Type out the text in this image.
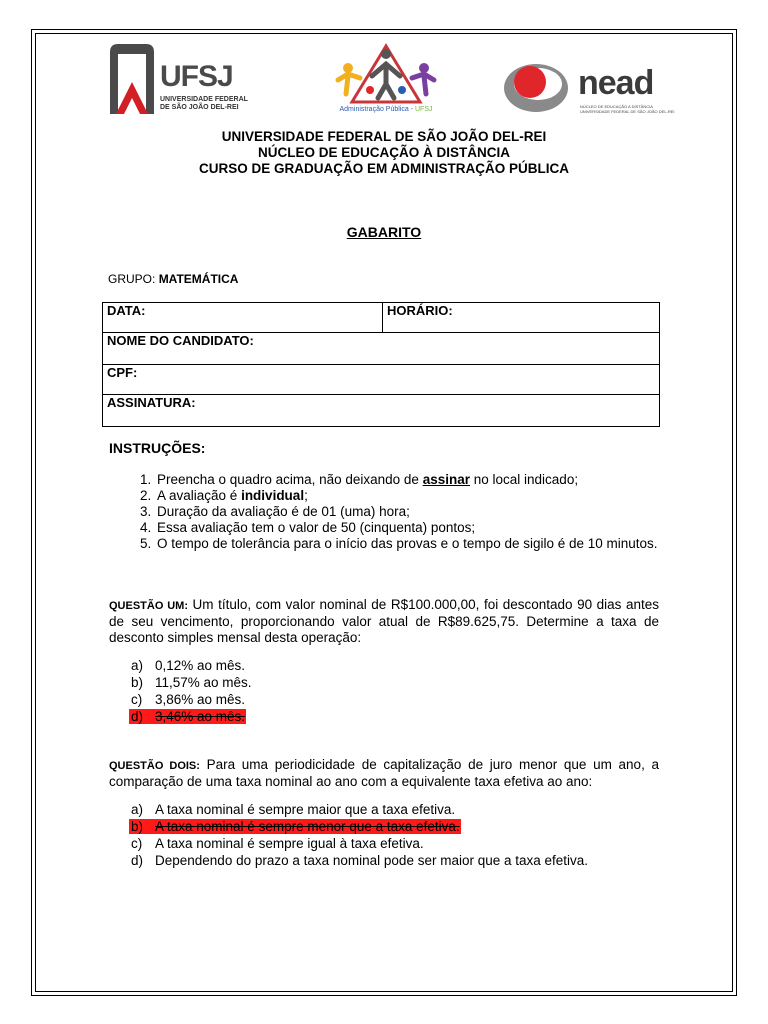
UFSJ
UNIVERSIDADE FEDERAL
DE SÃO JOÃO DEL-REI	Administração Pública - UFSJ
nead
NÚCLEO DE EDUCAÇÃO A DISTÂNCIA
UNIVERSIDADE FEDERAL DE SÃO JOÃO DEL-REI
UNIVERSIDADE FEDERAL DE SÃO JOÃO DEL-REI
NÚCLEO DE EDUCAÇÃO À DISTÂNCIA
CURSO DE GRADUAÇÃO EM ADMINISTRAÇÃO PÚBLICA
GABARITO
GRUPO: MATEMÁTICA
DATA:	HORÁRIO:
NOME DO CANDIDATO:
CPF:
ASSINATURA:
INSTRUÇÕES:
1. Preencha o quadro acima, não deixando de assinar no local indicado;
2. A avaliação é individual;
3. Duração da avaliação é de 01 (uma) hora;
4. Essa avaliação tem o valor de 50 (cinquenta) pontos;
5. O tempo de tolerância para o início das provas e o tempo de sigilo é de 10 minutos.
QUESTÃO UM: Um título, com valor nominal de R$100.000,00, foi descontado 90 dias antes de seu vencimento, proporcionando valor atual de R$89.625,75. Determine a taxa de desconto simples mensal desta operação:
a) 0,12% ao mês.
b) 11,57% ao mês.
c) 3,86% ao mês.
d) 3,46% ao mês.
QUESTÃO DOIS: Para uma periodicidade de capitalização de juro menor que um ano, a comparação de uma taxa nominal ao ano com a equivalente taxa efetiva ao ano:
a) A taxa nominal é sempre maior que a taxa efetiva.
b) A taxa nominal é sempre menor que a taxa efetiva.
c) A taxa nominal é sempre igual à taxa efetiva.
d) Dependendo do prazo a taxa nominal pode ser maior que a taxa efetiva.
